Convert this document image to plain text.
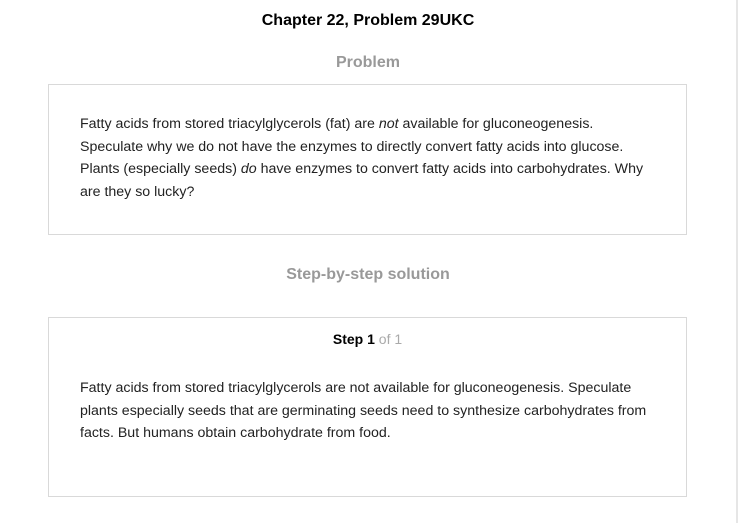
Chapter 22, Problem 29UKC
Problem
Fatty acids from stored triacylglycerols (fat) are not available for gluconeogenesis. Speculate why we do not have the enzymes to directly convert fatty acids into glucose. Plants (especially seeds) do have enzymes to convert fatty acids into carbohydrates. Why are they so lucky?
Step-by-step solution
Step 1 of 1
Fatty acids from stored triacylglycerols are not available for gluconeogenesis. Speculate plants especially seeds that are germinating seeds need to synthesize carbohydrates from facts. But humans obtain carbohydrate from food.
